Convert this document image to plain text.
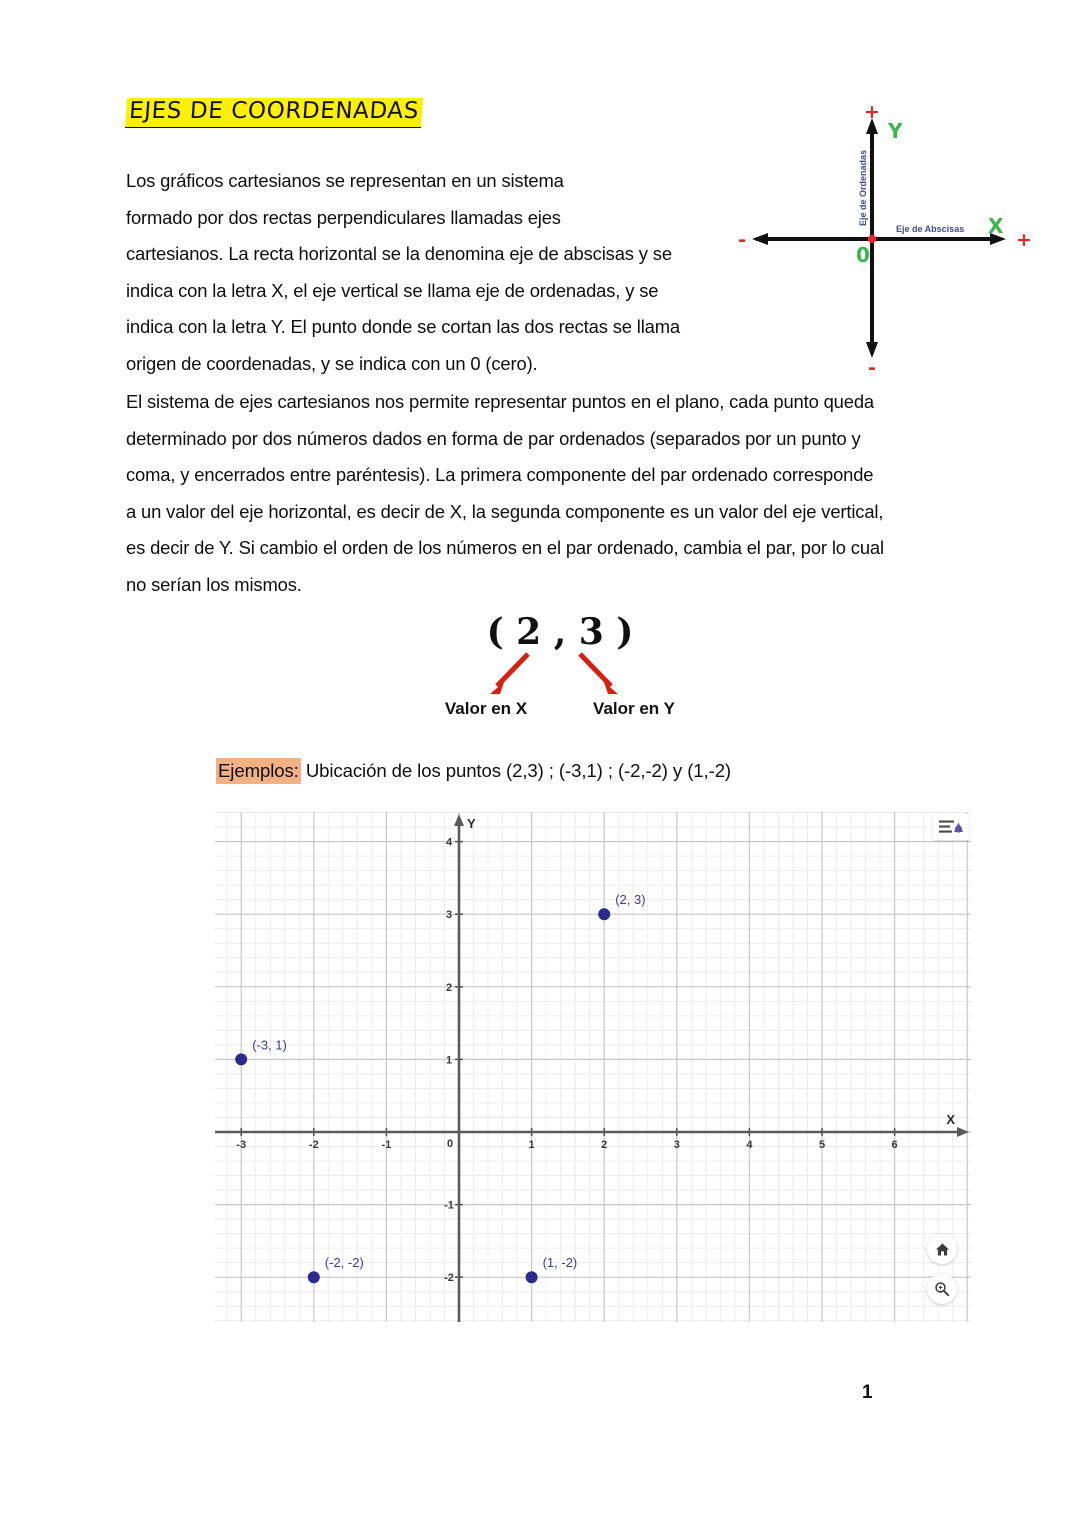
EJES DE COORDENADAS
Los gráficos cartesianos se representan en un sistema
formado por dos rectas perpendiculares llamadas ejes
cartesianos. La recta horizontal se la denomina eje de abscisas y se
indica con la letra X, el eje vertical se llama eje de ordenadas, y se
indica con la letra Y. El punto donde se cortan las dos rectas se llama
origen de coordenadas, y se indica con un 0 (cero).
El sistema de ejes cartesianos nos permite representar puntos en el plano, cada punto queda
determinado por dos números dados en forma de par ordenados (separados por un punto y
coma, y encerrados entre paréntesis). La primera componente del par ordenado corresponde
a un valor del eje horizontal, es decir de X, la segunda componente es un valor del eje vertical,
es decir de Y. Si cambio el orden de los números en el par ordenado, cambia el par, por lo cual
no serían los mismos.
+
+
-
-
Y
X
0
Eje de Ordenadas
Eje de Abscisas
( 2 , 3 )
Valor en X	Valor en Y
Ejemplos: Ubicación de los puntos (2,3) ; (-3,1) ; (-2,-2) y (1,-2)
X
Y
-3	-2	-1	0	1	2	3	4	5	6
-2
-1
1
2
3
4
(2, 3)
(-3, 1)
(-2, -2)	(1, -2)
1
